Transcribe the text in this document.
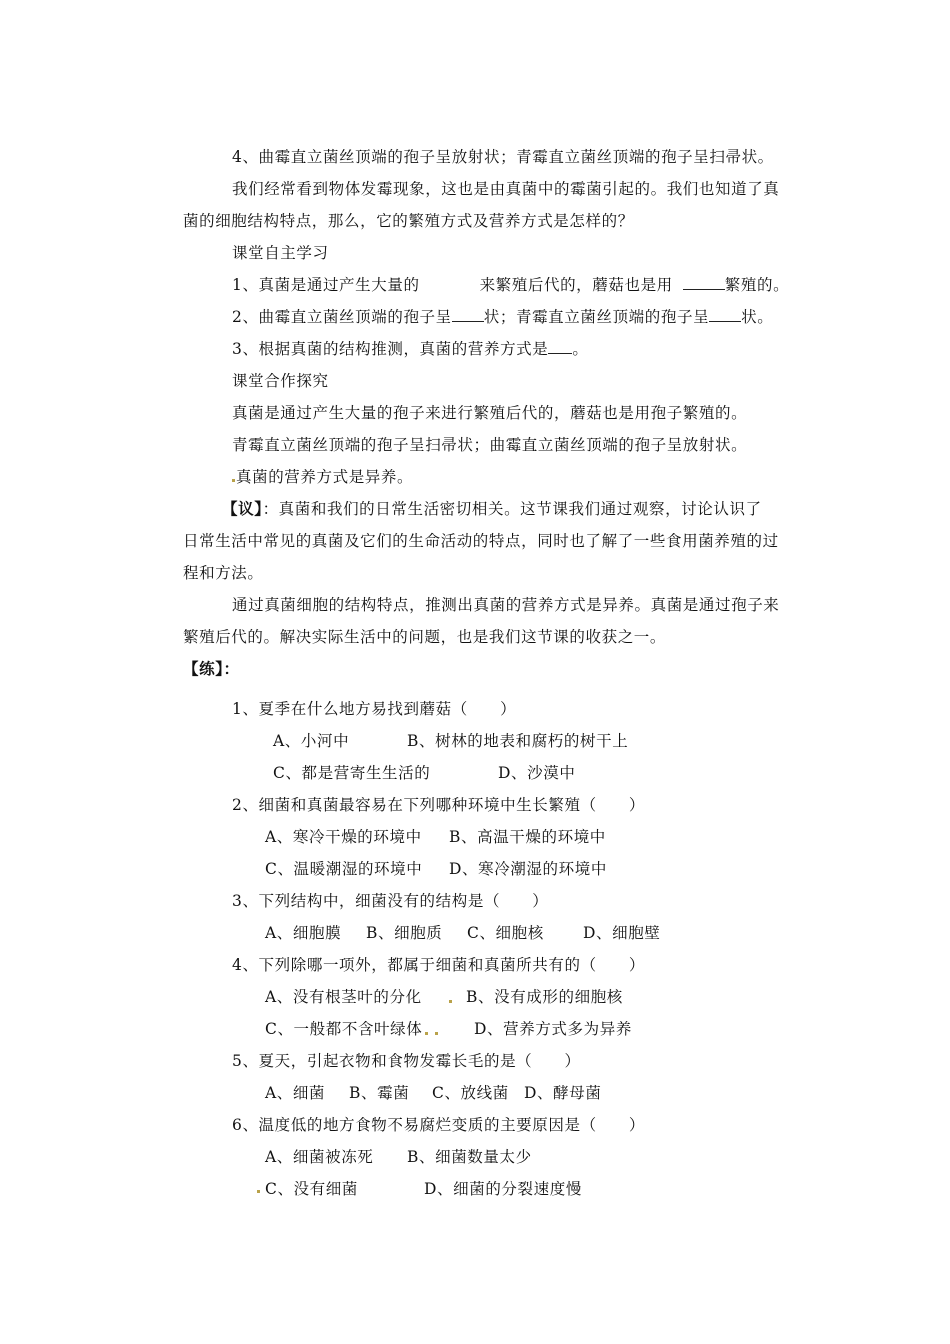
4、曲霉直立菌丝顶端的孢子呈放射状；青霉直立菌丝顶端的孢子呈扫帚状。
我们经常看到物体发霉现象，这也是由真菌中的霉菌引起的。我们也知道了真
菌的细胞结构特点，那么，它的繁殖方式及营养方式是怎样的？
课堂自主学习
1、真菌是通过产生大量的	来繁殖后代的，蘑菇也是用	繁殖的。
2、曲霉直立菌丝顶端的孢子呈 状；青霉直立菌丝顶端的孢子呈 状。
3、根据真菌的结构推测，真菌的营养方式是 。
课堂合作探究
真菌是通过产生大量的孢子来进行繁殖后代的，蘑菇也是用孢子繁殖的。
青霉直立菌丝顶端的孢子呈扫帚状；曲霉直立菌丝顶端的孢子呈放射状。
真菌的营养方式是异养。
【议】：真菌和我们的日常生活密切相关。这节课我们通过观察，讨论认识了
日常生活中常见的真菌及它们的生命活动的特点，同时也了解了一些食用菌养殖的过
程和方法。
通过真菌细胞的结构特点，推测出真菌的营养方式是异养。真菌是通过孢子来
繁殖后代的。解决实际生活中的问题，也是我们这节课的收获之一。
【练】：
1、夏季在什么地方易找到蘑菇（　　）
A、小河中	B、树林的地表和腐朽的树干上
C、都是营寄生生活的	D、沙漠中
2、细菌和真菌最容易在下列哪种环境中生长繁殖（　　）
A、寒冷干燥的环境中 B、高温干燥的环境中
C、温暖潮湿的环境中 D、寒冷潮湿的环境中
3、下列结构中，细菌没有的结构是（　　）
A、细胞膜 B、细胞质 C、细胞核	D、细胞壁
4、下列除哪一项外，都属于细菌和真菌所共有的（　　）
A、没有根茎叶的分化	B、没有成形的细胞核
C、一般都不含叶绿体	D、营养方式多为异养
5、夏天，引起衣物和食物发霉长毛的是（　　）
A、细菌 B、霉菌 C、放线菌 D、酵母菌
6、温度低的地方食物不易腐烂变质的主要原因是（　　）
A、细菌被冻死 B、细菌数量太少
C、没有细菌	D、细菌的分裂速度慢
